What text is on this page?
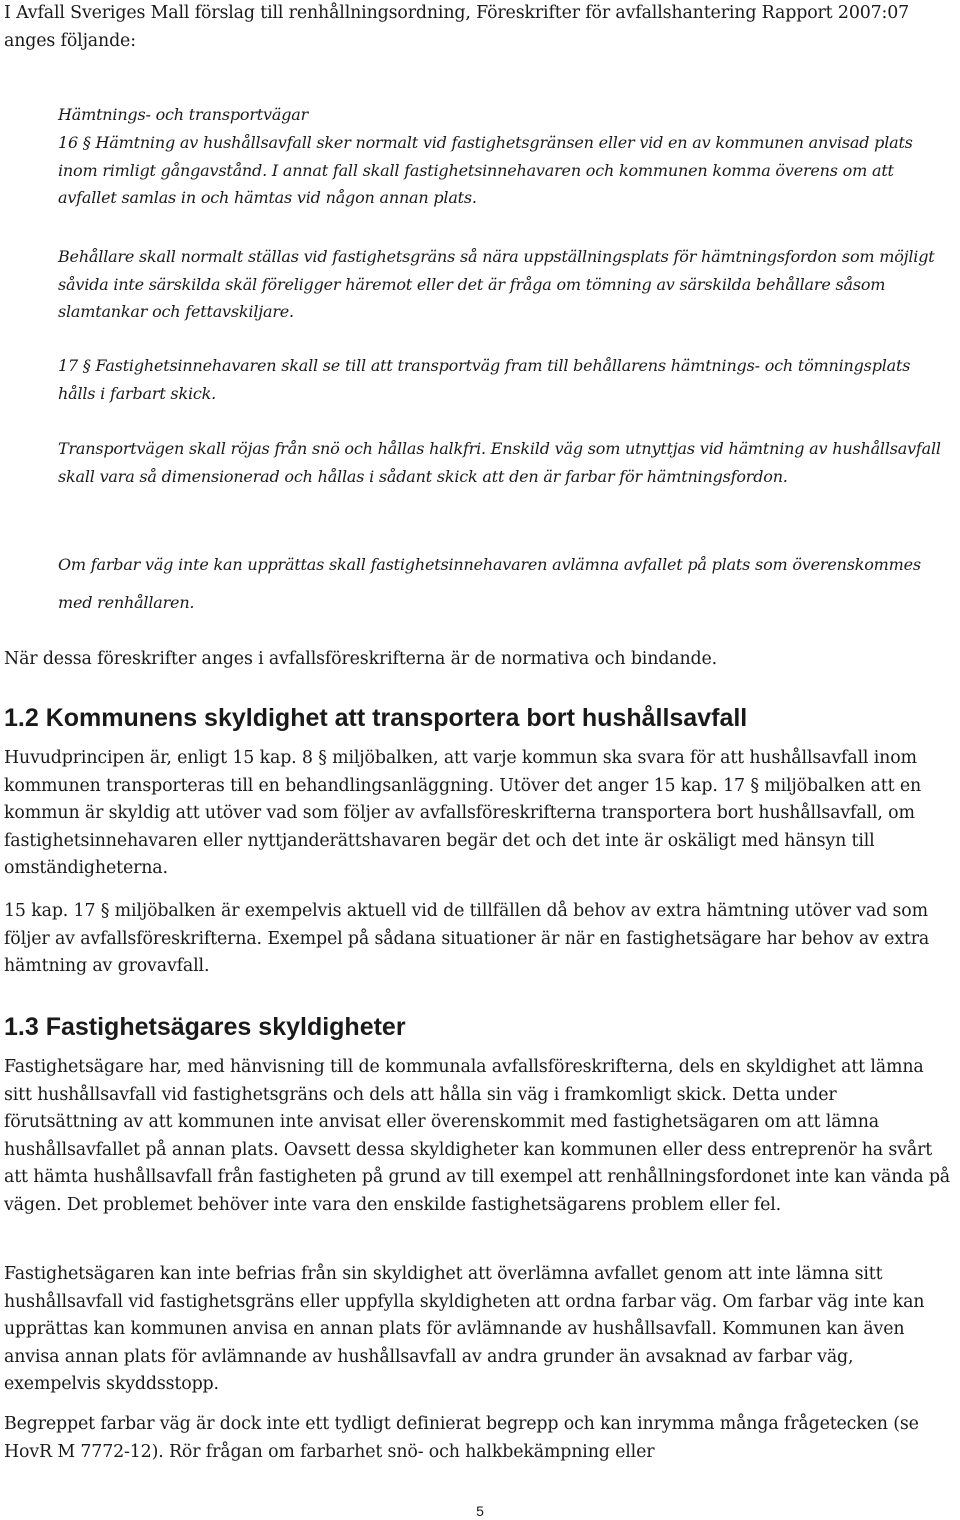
I Avfall Sveriges Mall förslag till renhållningsordning, Föreskrifter för avfallshantering Rapport 2007:07 anges följande:

Hämtnings- och transportvägar

16 § Hämtning av hushållsavfall sker normalt vid fastighetsgränsen eller vid en av kommunen anvisad plats inom rimligt gångavstånd. I annat fall skall fastighetsinnehavaren och kommunen komma överens om att avfallet samlas in och hämtas vid någon annan plats.

Behållare skall normalt ställas vid fastighetsgräns så nära uppställningsplats för hämtningsfordon som möjligt såvida inte särskilda skäl föreligger häremot eller det är fråga om tömning av särskilda behållare såsom slamtankar och fettavskiljare.

17 § Fastighetsinnehavaren skall se till att transportväg fram till behållarens hämtnings- och tömningsplats hålls i farbart skick.

Transportvägen skall röjas från snö och hållas halkfri. Enskild väg som utnyttjas vid hämtning av hushållsavfall skall vara så dimensionerad och hållas i sådant skick att den är farbar för hämtningsfordon.

Om farbar väg inte kan upprättas skall fastighetsinnehavaren avlämna avfallet på plats som överenskommes med renhållaren.

När dessa föreskrifter anges i avfallsföreskrifterna är de normativa och bindande.

1.2 Kommunens skyldighet att transportera bort hushållsavfall

Huvudprincipen är, enligt 15 kap. 8 § miljöbalken, att varje kommun ska svara för att hushållsavfall inom kommunen transporteras till en behandlingsanläggning. Utöver det anger 15 kap. 17 § miljöbalken att en kommun är skyldig att utöver vad som följer av avfallsföreskrifterna transportera bort hushållsavfall, om fastighetsinnehavaren eller nyttjanderättshavaren begär det och det inte är oskäligt med hänsyn till omständigheterna.

15 kap. 17 § miljöbalken är exempelvis aktuell vid de tillfällen då behov av extra hämtning utöver vad som följer av avfallsföreskrifterna. Exempel på sådana situationer är när en fastighetsägare har behov av extra hämtning av grovavfall.

1.3 Fastighetsägares skyldigheter

Fastighetsägare har, med hänvisning till de kommunala avfallsföreskrifterna, dels en skyldighet att lämna sitt hushållsavfall vid fastighetsgräns och dels att hålla sin väg i framkomligt skick. Detta under förutsättning av att kommunen inte anvisat eller överenskommit med fastighetsägaren om att lämna hushållsavfallet på annan plats. Oavsett dessa skyldigheter kan kommunen eller dess entreprenör ha svårt att hämta hushållsavfall från fastigheten på grund av till exempel att renhållningsfordonet inte kan vända på vägen. Det problemet behöver inte vara den enskilde fastighetsägarens problem eller fel.

Fastighetsägaren kan inte befrias från sin skyldighet att överlämna avfallet genom att inte lämna sitt hushållsavfall vid fastighetsgräns eller uppfylla skyldigheten att ordna farbar väg. Om farbar väg inte kan upprättas kan kommunen anvisa en annan plats för avlämnande av hushållsavfall. Kommunen kan även anvisa annan plats för avlämnande av hushållsavfall av andra grunder än avsaknad av farbar väg, exempelvis skyddsstopp.

Begreppet farbar väg är dock inte ett tydligt definierat begrepp och kan inrymma många frågetecken (se HovR M 7772-12). Rör frågan om farbarhet snö- och halkbekämpning eller

5
